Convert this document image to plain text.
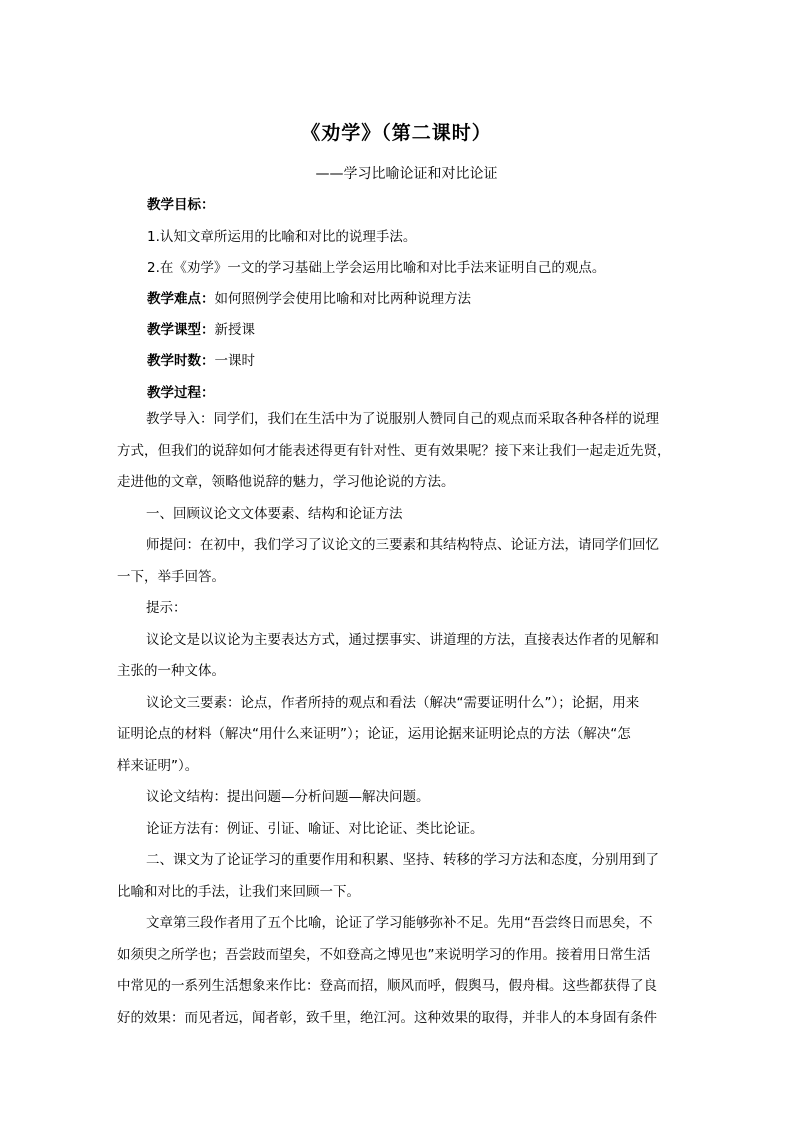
《劝学》（第二课时）
——学习比喻论证和对比论证
教学目标：
1.认知文章所运用的比喻和对比的说理手法。
2.在《劝学》一文的学习基础上学会运用比喻和对比手法来证明自己的观点。
教学难点：如何照例学会使用比喻和对比两种说理方法
教学课型：新授课
教学时数：一课时
教学过程：
教学导入：同学们，我们在生活中为了说服别人赞同自己的观点而采取各种各样的说理
方式，但我们的说辞如何才能表述得更有针对性、更有效果呢？接下来让我们一起走近先贤，
走进他的文章，领略他说辞的魅力，学习他论说的方法。
一、回顾议论文文体要素、结构和论证方法
师提问：在初中，我们学习了议论文的三要素和其结构特点、论证方法，请同学们回忆
一下，举手回答。
提示：
议论文是以议论为主要表达方式，通过摆事实、讲道理的方法，直接表达作者的见解和
主张的一种文体。
议论文三要素：论点，作者所持的观点和看法（解决“需要证明什么”）；论据，用来
证明论点的材料（解决“用什么来证明”）；论证，运用论据来证明论点的方法（解决“怎
样来证明”）。
议论文结构：提出问题—分析问题—解决问题。
论证方法有：例证、引证、喻证、对比论证、类比论证。
二、课文为了论证学习的重要作用和积累、坚持、转移的学习方法和态度，分别用到了
比喻和对比的手法，让我们来回顾一下。
文章第三段作者用了五个比喻，论证了学习能够弥补不足。先用“吾尝终日而思矣，不
如须臾之所学也；吾尝跂而望矣，不如登高之博见也”来说明学习的作用。接着用日常生活
中常见的一系列生活想象来作比：登高而招，顺风而呼，假舆马，假舟楫。这些都获得了良
好的效果：而见者远，闻者彰，致千里，绝江河。这种效果的取得，并非人的本身固有条件
